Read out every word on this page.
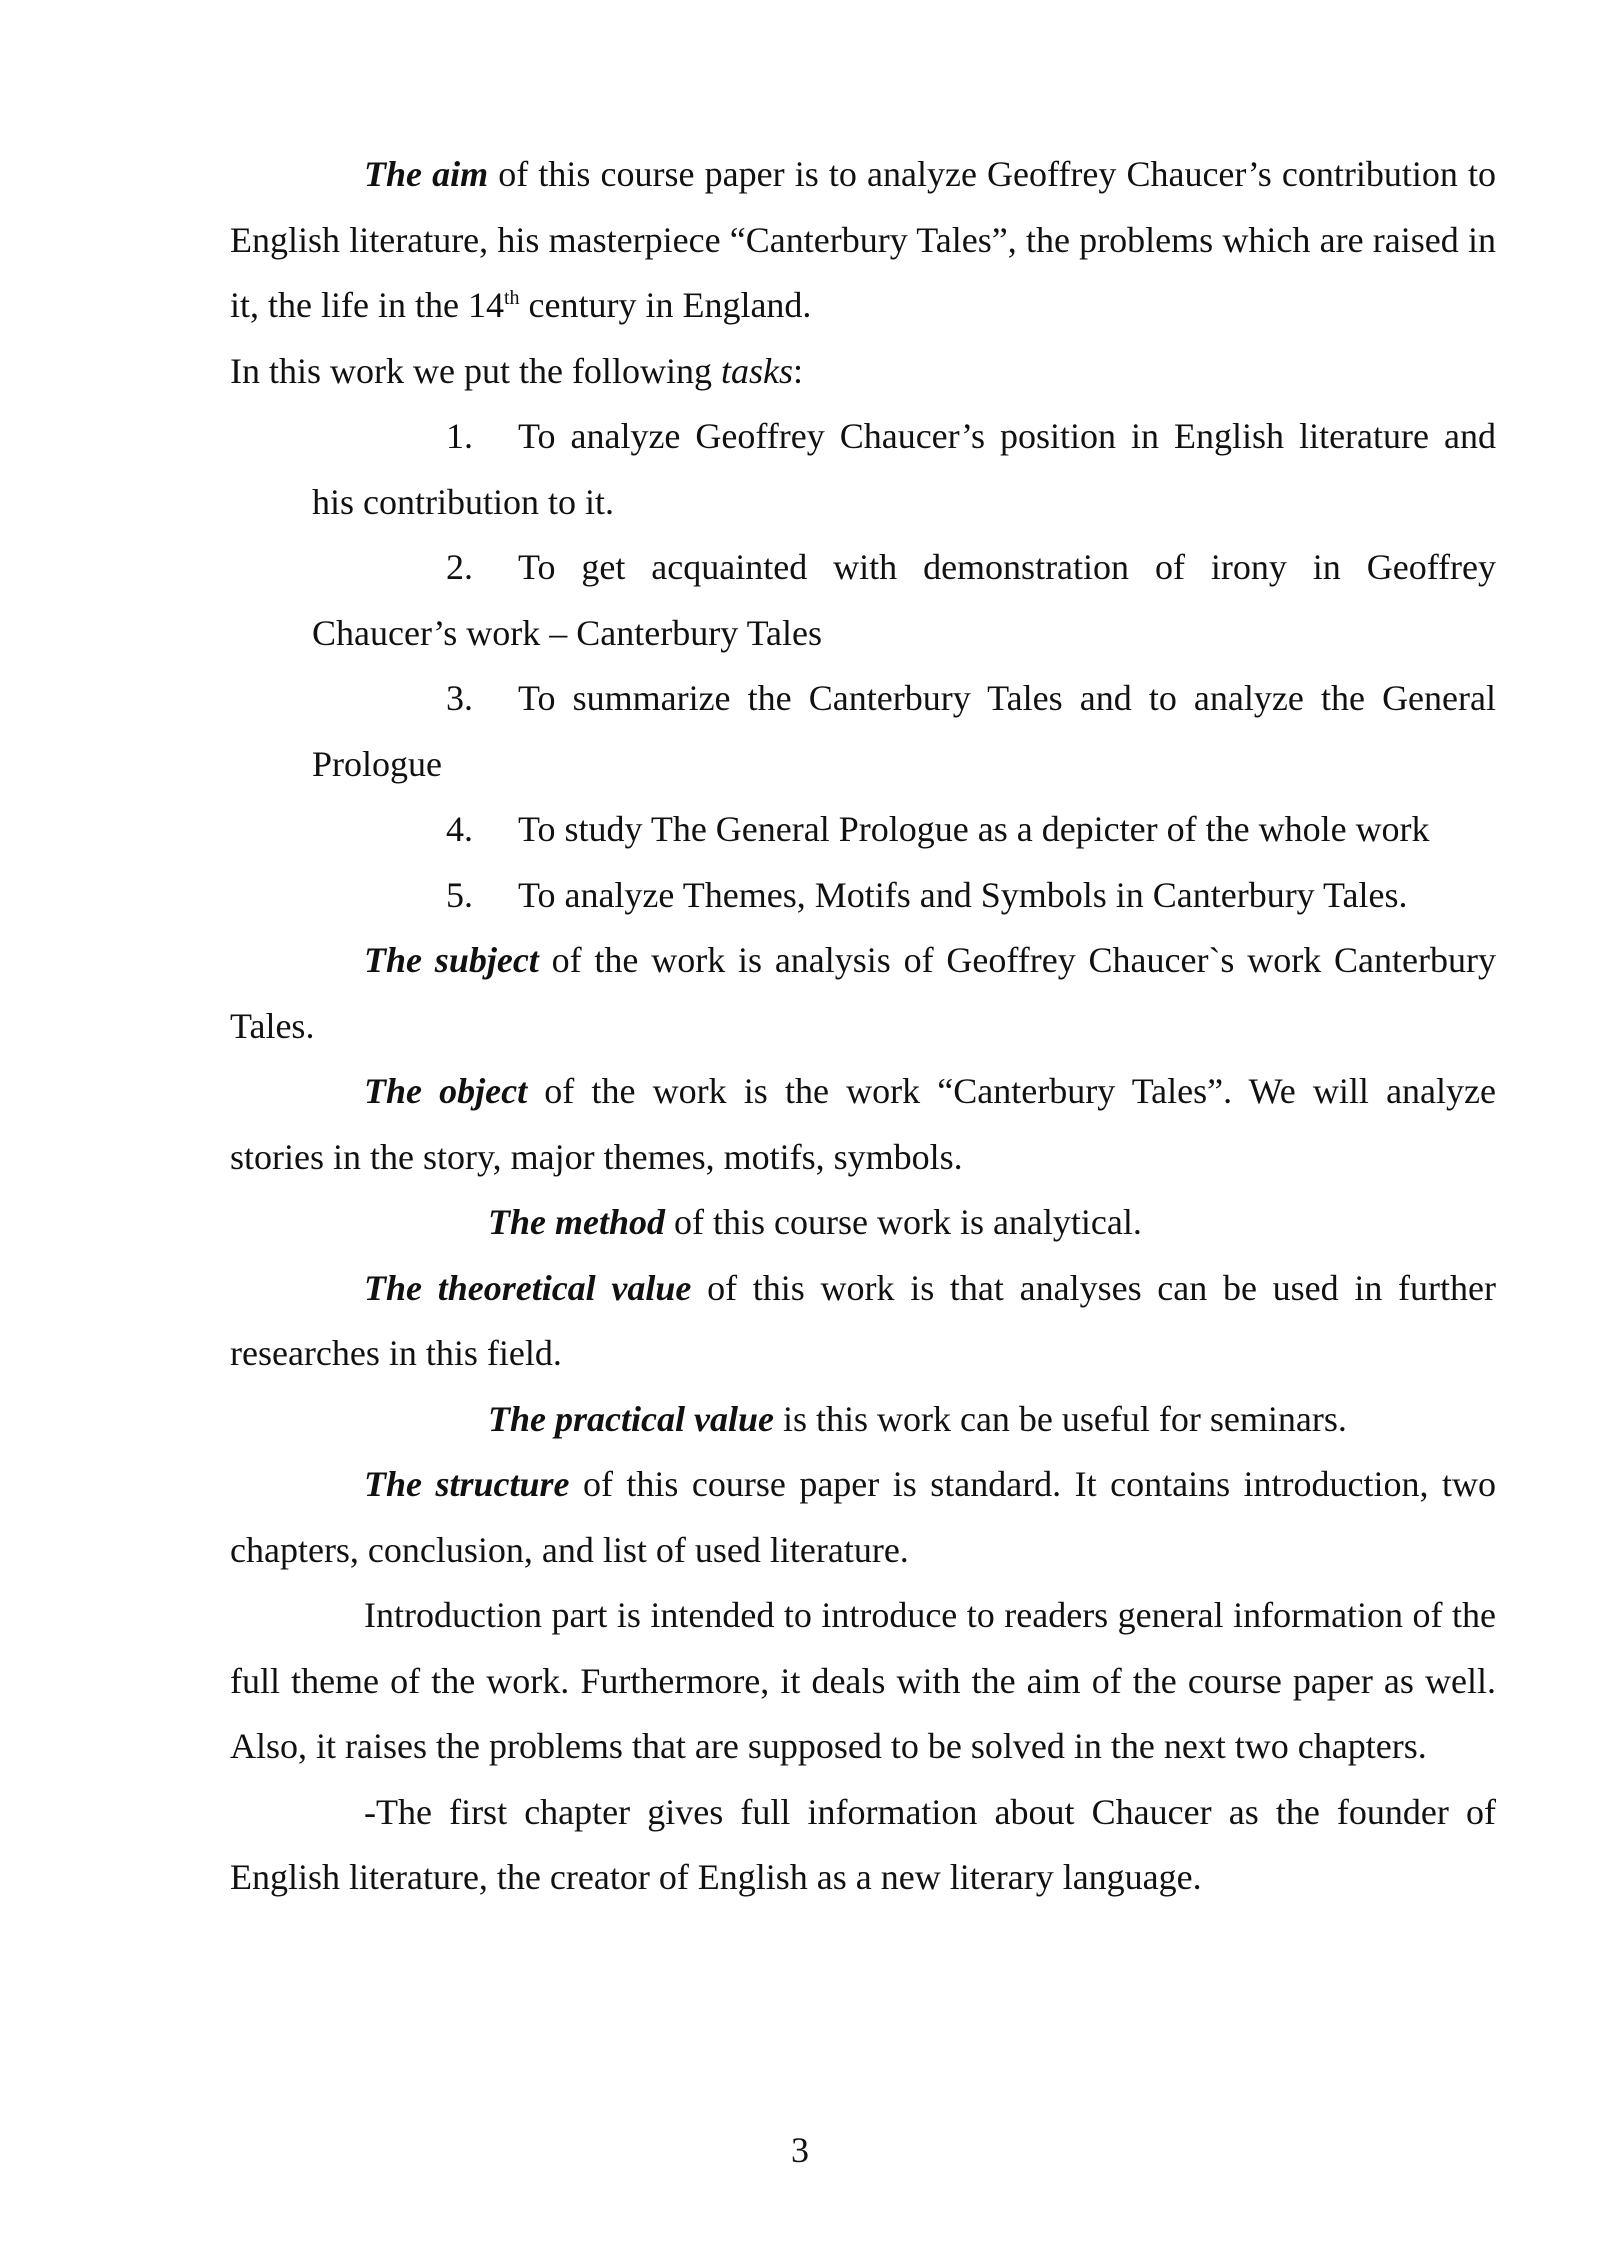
The aim of this course paper is to analyze Geoffrey Chaucer’s contribution to English literature, his masterpiece “Canterbury Tales”, the problems which are raised in it, the life in the 14th century in England.

In this work we put the following tasks:

1. To analyze Geoffrey Chaucer’s position in English literature and his contribution to it.
2. To get acquainted with demonstration of irony in Geoffrey Chaucer’s work – Canterbury Tales
3. To summarize the Canterbury Tales and to analyze the General Prologue
4. To study The General Prologue as a depicter of the whole work
5. To analyze Themes, Motifs and Symbols in Canterbury Tales.

The subject of the work is analysis of Geoffrey Chaucer`s work Canterbury Tales.

The object of the work is the work “Canterbury Tales”. We will analyze stories in the story, major themes, motifs, symbols.

The method of this course work is analytical.

The theoretical value of this work is that analyses can be used in further researches in this field.

The practical value is this work can be useful for seminars.

The structure of this course paper is standard. It contains introduction, two chapters, conclusion, and list of used literature.

Introduction part is intended to introduce to readers general information of the full theme of the work. Furthermore, it deals with the aim of the course paper as well. Also, it raises the problems that are supposed to be solved in the next two chapters.

-The first chapter gives full information about Chaucer as the founder of English literature, the creator of English as a new literary language.

3
